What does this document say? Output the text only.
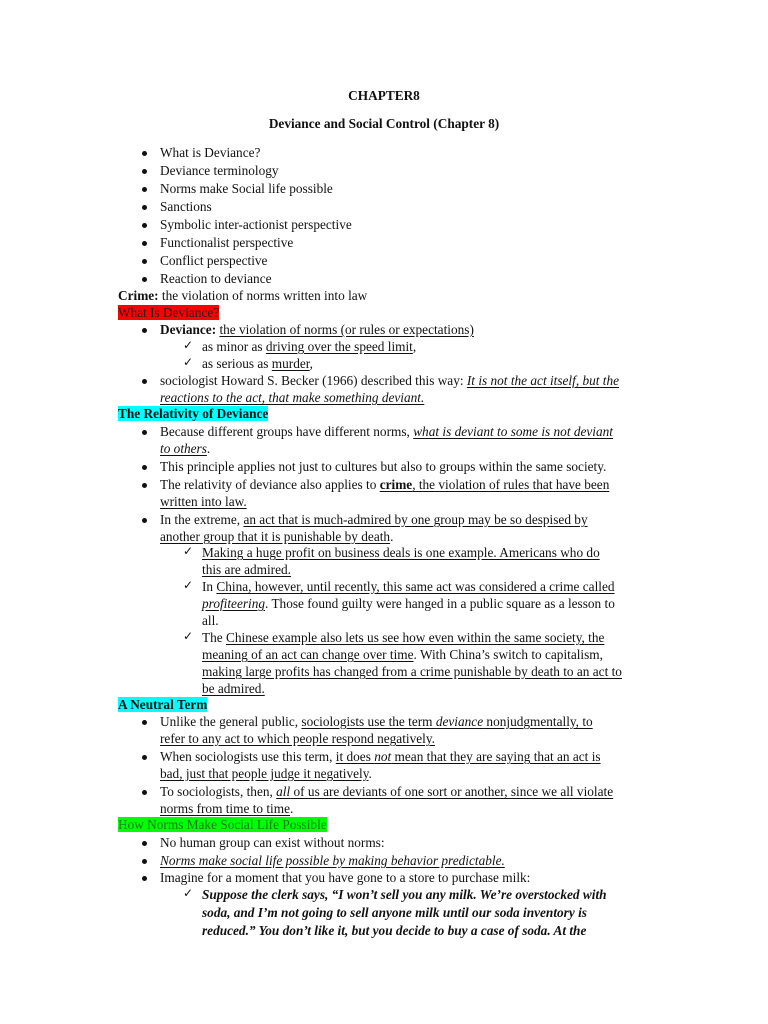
CHAPTER8
Deviance and Social Control (Chapter 8)
What is Deviance?
Deviance terminology
Norms make Social life possible
Sanctions
Symbolic inter-actionist perspective
Functionalist perspective
Conflict perspective
Reaction to deviance
Crime: the violation of norms written into law
What Is Deviance?
Deviance: the violation of norms (or rules or expectations)
✓ as minor as driving over the speed limit,
✓ as serious as murder,
sociologist Howard S. Becker (1966) described this way: It is not the act itself, but the
reactions to the act, that make something deviant.
The Relativity of Deviance
Because different groups have different norms, what is deviant to some is not deviant
to others.
This principle applies not just to cultures but also to groups within the same society.
The relativity of deviance also applies to crime, the violation of rules that have been
written into law.
In the extreme, an act that is much-admired by one group may be so despised by
another group that it is punishable by death.
✓ Making a huge profit on business deals is one example. Americans who do
this are admired.
✓ In China, however, until recently, this same act was considered a crime called
profiteering. Those found guilty were hanged in a public square as a lesson to
all.
✓ The Chinese example also lets us see how even within the same society, the
meaning of an act can change over time. With China’s switch to capitalism,
making large profits has changed from a crime punishable by death to an act to
be admired.
A Neutral Term
Unlike the general public, sociologists use the term deviance nonjudgmentally, to
refer to any act to which people respond negatively.
When sociologists use this term, it does not mean that they are saying that an act is
bad, just that people judge it negatively.
To sociologists, then, all of us are deviants of one sort or another, since we all violate
norms from time to time.
How Norms Make Social Life Possible
No human group can exist without norms:
Norms make social life possible by making behavior predictable.
Imagine for a moment that you have gone to a store to purchase milk:
✓ Suppose the clerk says, “I won’t sell you any milk. We’re overstocked with
soda, and I’m not going to sell anyone milk until our soda inventory is
reduced.” You don’t like it, but you decide to buy a case of soda. At the
